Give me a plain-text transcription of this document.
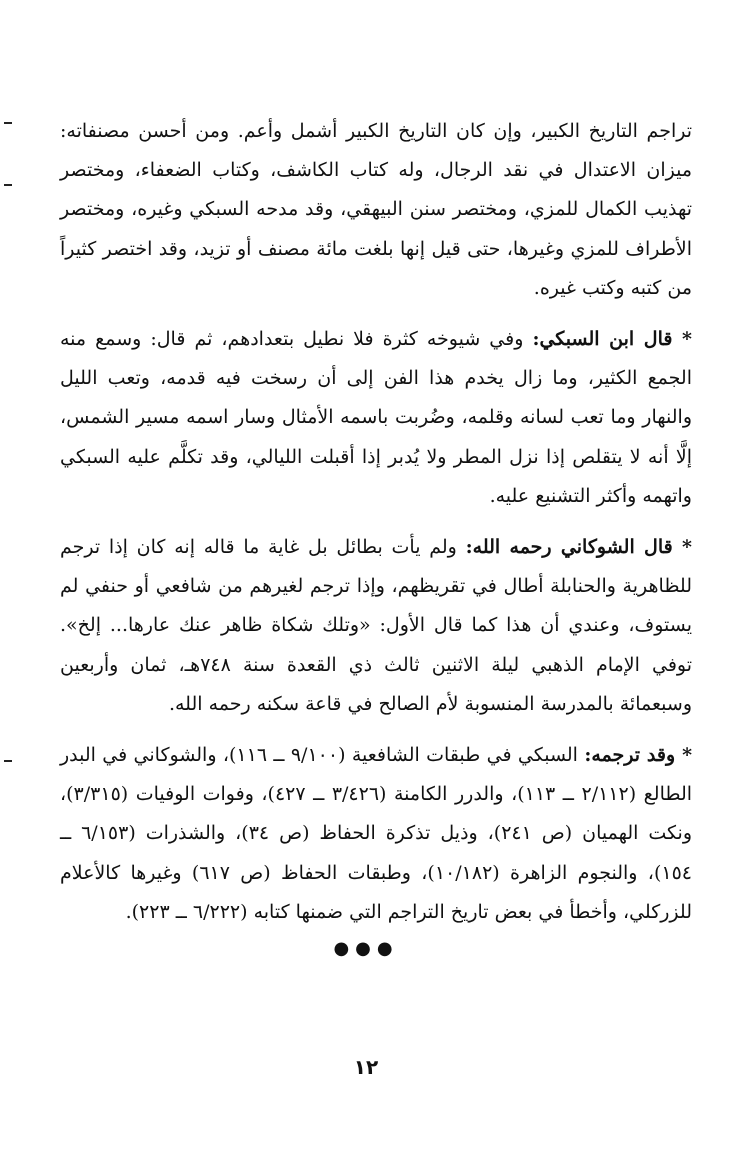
تراجم التاريخ الكبير، وإن كان التاريخ الكبير أشمل وأعم. ومن أحسن مصنفاته: ميزان الاعتدال في نقد الرجال، وله كتاب الكاشف، وكتاب الضعفاء، ومختصر تهذيب الكمال للمزي، ومختصر سنن البيهقي، وقد مدحه السبكي وغيره، ومختصر الأطراف للمزي وغيرها، حتى قيل إنها بلغت مائة مصنف أو تزيد، وقد اختصر كثيراً من كتبه وكتب غيره.

* قال ابن السبكي: وفي شيوخه كثرة فلا نطيل بتعدادهم، ثم قال: وسمع منه الجمع الكثير، وما زال يخدم هذا الفن إلى أن رسخت فيه قدمه، وتعب الليل والنهار وما تعب لسانه وقلمه، وضُربت باسمه الأمثال وسار اسمه مسير الشمس، إلَّا أنه لا يتقلص إذا نزل المطر ولا يُدبر إذا أقبلت الليالي، وقد تكلَّم عليه السبكي واتهمه وأكثر التشنيع عليه.

* قال الشوكاني رحمه الله: ولم يأت بطائل بل غاية ما قاله إنه كان إذا ترجم للظاهرية والحنابلة أطال في تقريظهم، وإذا ترجم لغيرهم من شافعي أو حنفي لم يستوف، وعندي أن هذا كما قال الأول: «وتلك شكاة ظاهر عنك عارها... إلخ». توفي الإمام الذهبي ليلة الاثنين ثالث ذي القعدة سنة ٧٤٨هـ، ثمان وأربعين وسبعمائة بالمدرسة المنسوبة لأم الصالح في قاعة سكنه رحمه الله.

* وقد ترجمه: السبكي في طبقات الشافعية (٩/١٠٠ ــ ١١٦)، والشوكاني في البدر الطالع (٢/١١٢ ــ ١١٣)، والدرر الكامنة (٣/٤٢٦ ــ ٤٢٧)، وفوات الوفيات (٣/٣١٥)، ونكت الهميان (ص ٢٤١)، وذيل تذكرة الحفاظ (ص ٣٤)، والشذرات (٦/١٥٣ ــ ١٥٤)، والنجوم الزاهرة (١٠/١٨٢)، وطبقات الحفاظ (ص ٦١٧) وغيرها كالأعلام للزركلي، وأخطأ في بعض تاريخ التراجم التي ضمنها كتابه (٦/٢٢٢ ــ ٢٢٣).

●●●
١٢
